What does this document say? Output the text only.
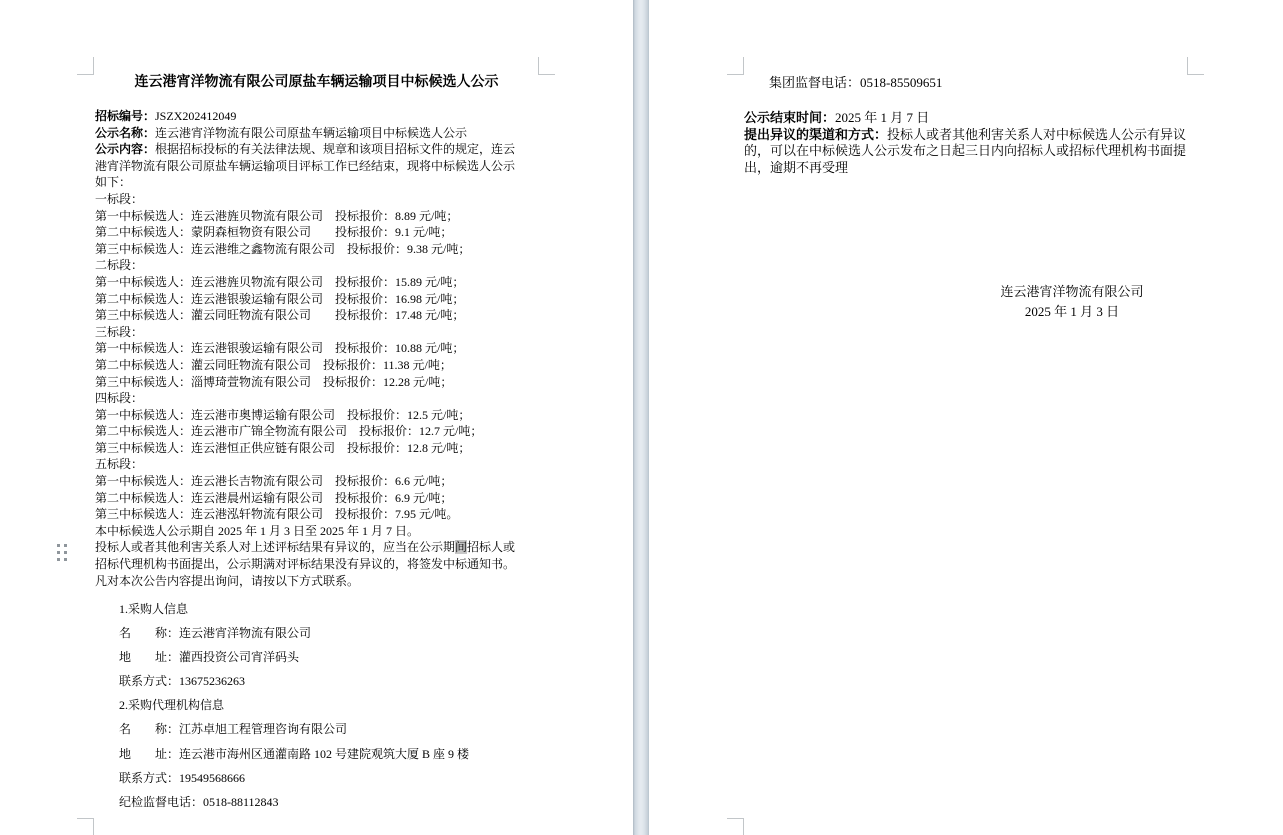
连云港宵洋物流有限公司原盐车辆运输项目中标候选人公示
招标编号：JSZX202412049
公示名称：连云港宵洋物流有限公司原盐车辆运输项目中标候选人公示
公示内容：根据招标投标的有关法律法规、规章和该项目招标文件的规定，连云
港宵洋物流有限公司原盐车辆运输项目评标工作已经结束，现将中标候选人公示
如下：
一标段：
第一中标候选人：连云港旌贝物流有限公司　投标报价：8.89 元/吨；
第二中标候选人：蒙阴森桓物资有限公司　　投标报价：9.1 元/吨；
第三中标候选人：连云港维之鑫物流有限公司　投标报价：9.38 元/吨；
二标段：
第一中标候选人：连云港旌贝物流有限公司　投标报价：15.89 元/吨；
第二中标候选人：连云港银骏运输有限公司　投标报价：16.98 元/吨；
第三中标候选人：灌云同旺物流有限公司　　投标报价：17.48 元/吨；
三标段：
第一中标候选人：连云港银骏运输有限公司　投标报价：10.88 元/吨；
第二中标候选人：灌云同旺物流有限公司　投标报价：11.38 元/吨；
第三中标候选人：淄博琦萱物流有限公司　投标报价：12.28 元/吨；
四标段：
第一中标候选人：连云港市奥博运输有限公司　投标报价：12.5 元/吨；
第二中标候选人：连云港市广锦全物流有限公司　投标报价：12.7 元/吨；
第三中标候选人：连云港恒正供应链有限公司　投标报价：12.8 元/吨；
五标段：
第一中标候选人：连云港长吉物流有限公司　投标报价：6.6 元/吨；
第二中标候选人：连云港晨州运输有限公司　投标报价：6.9 元/吨；
第三中标候选人：连云港泓轩物流有限公司　投标报价：7.95 元/吨。
本中标候选人公示期自 2025 年 1 月 3 日至 2025 年 1 月 7 日。
投标人或者其他利害关系人对上述评标结果有异议的，应当在公示期间招标人或
招标代理机构书面提出，公示期满对评标结果没有异议的，将签发中标通知书。
凡对本次公告内容提出询问，请按以下方式联系。
1.采购人信息
名　　称：连云港宵洋物流有限公司
地　　址：灌西投资公司宵洋码头
联系方式：13675236263
2.采购代理机构信息
名　　称：江苏卓旭工程管理咨询有限公司
地　　址：连云港市海州区通灌南路 102 号建院观筑大厦 B 座 9 楼
联系方式：19549568666
纪检监督电话：0518-88112843
集团监督电话：0518-85509651
公示结束时间：2025 年 1 月 7 日
提出异议的渠道和方式：投标人或者其他利害关系人对中标候选人公示有异议
的，可以在中标候选人公示发布之日起三日内向招标人或招标代理机构书面提
出，逾期不再受理
连云港宵洋物流有限公司
2025 年 1 月 3 日
